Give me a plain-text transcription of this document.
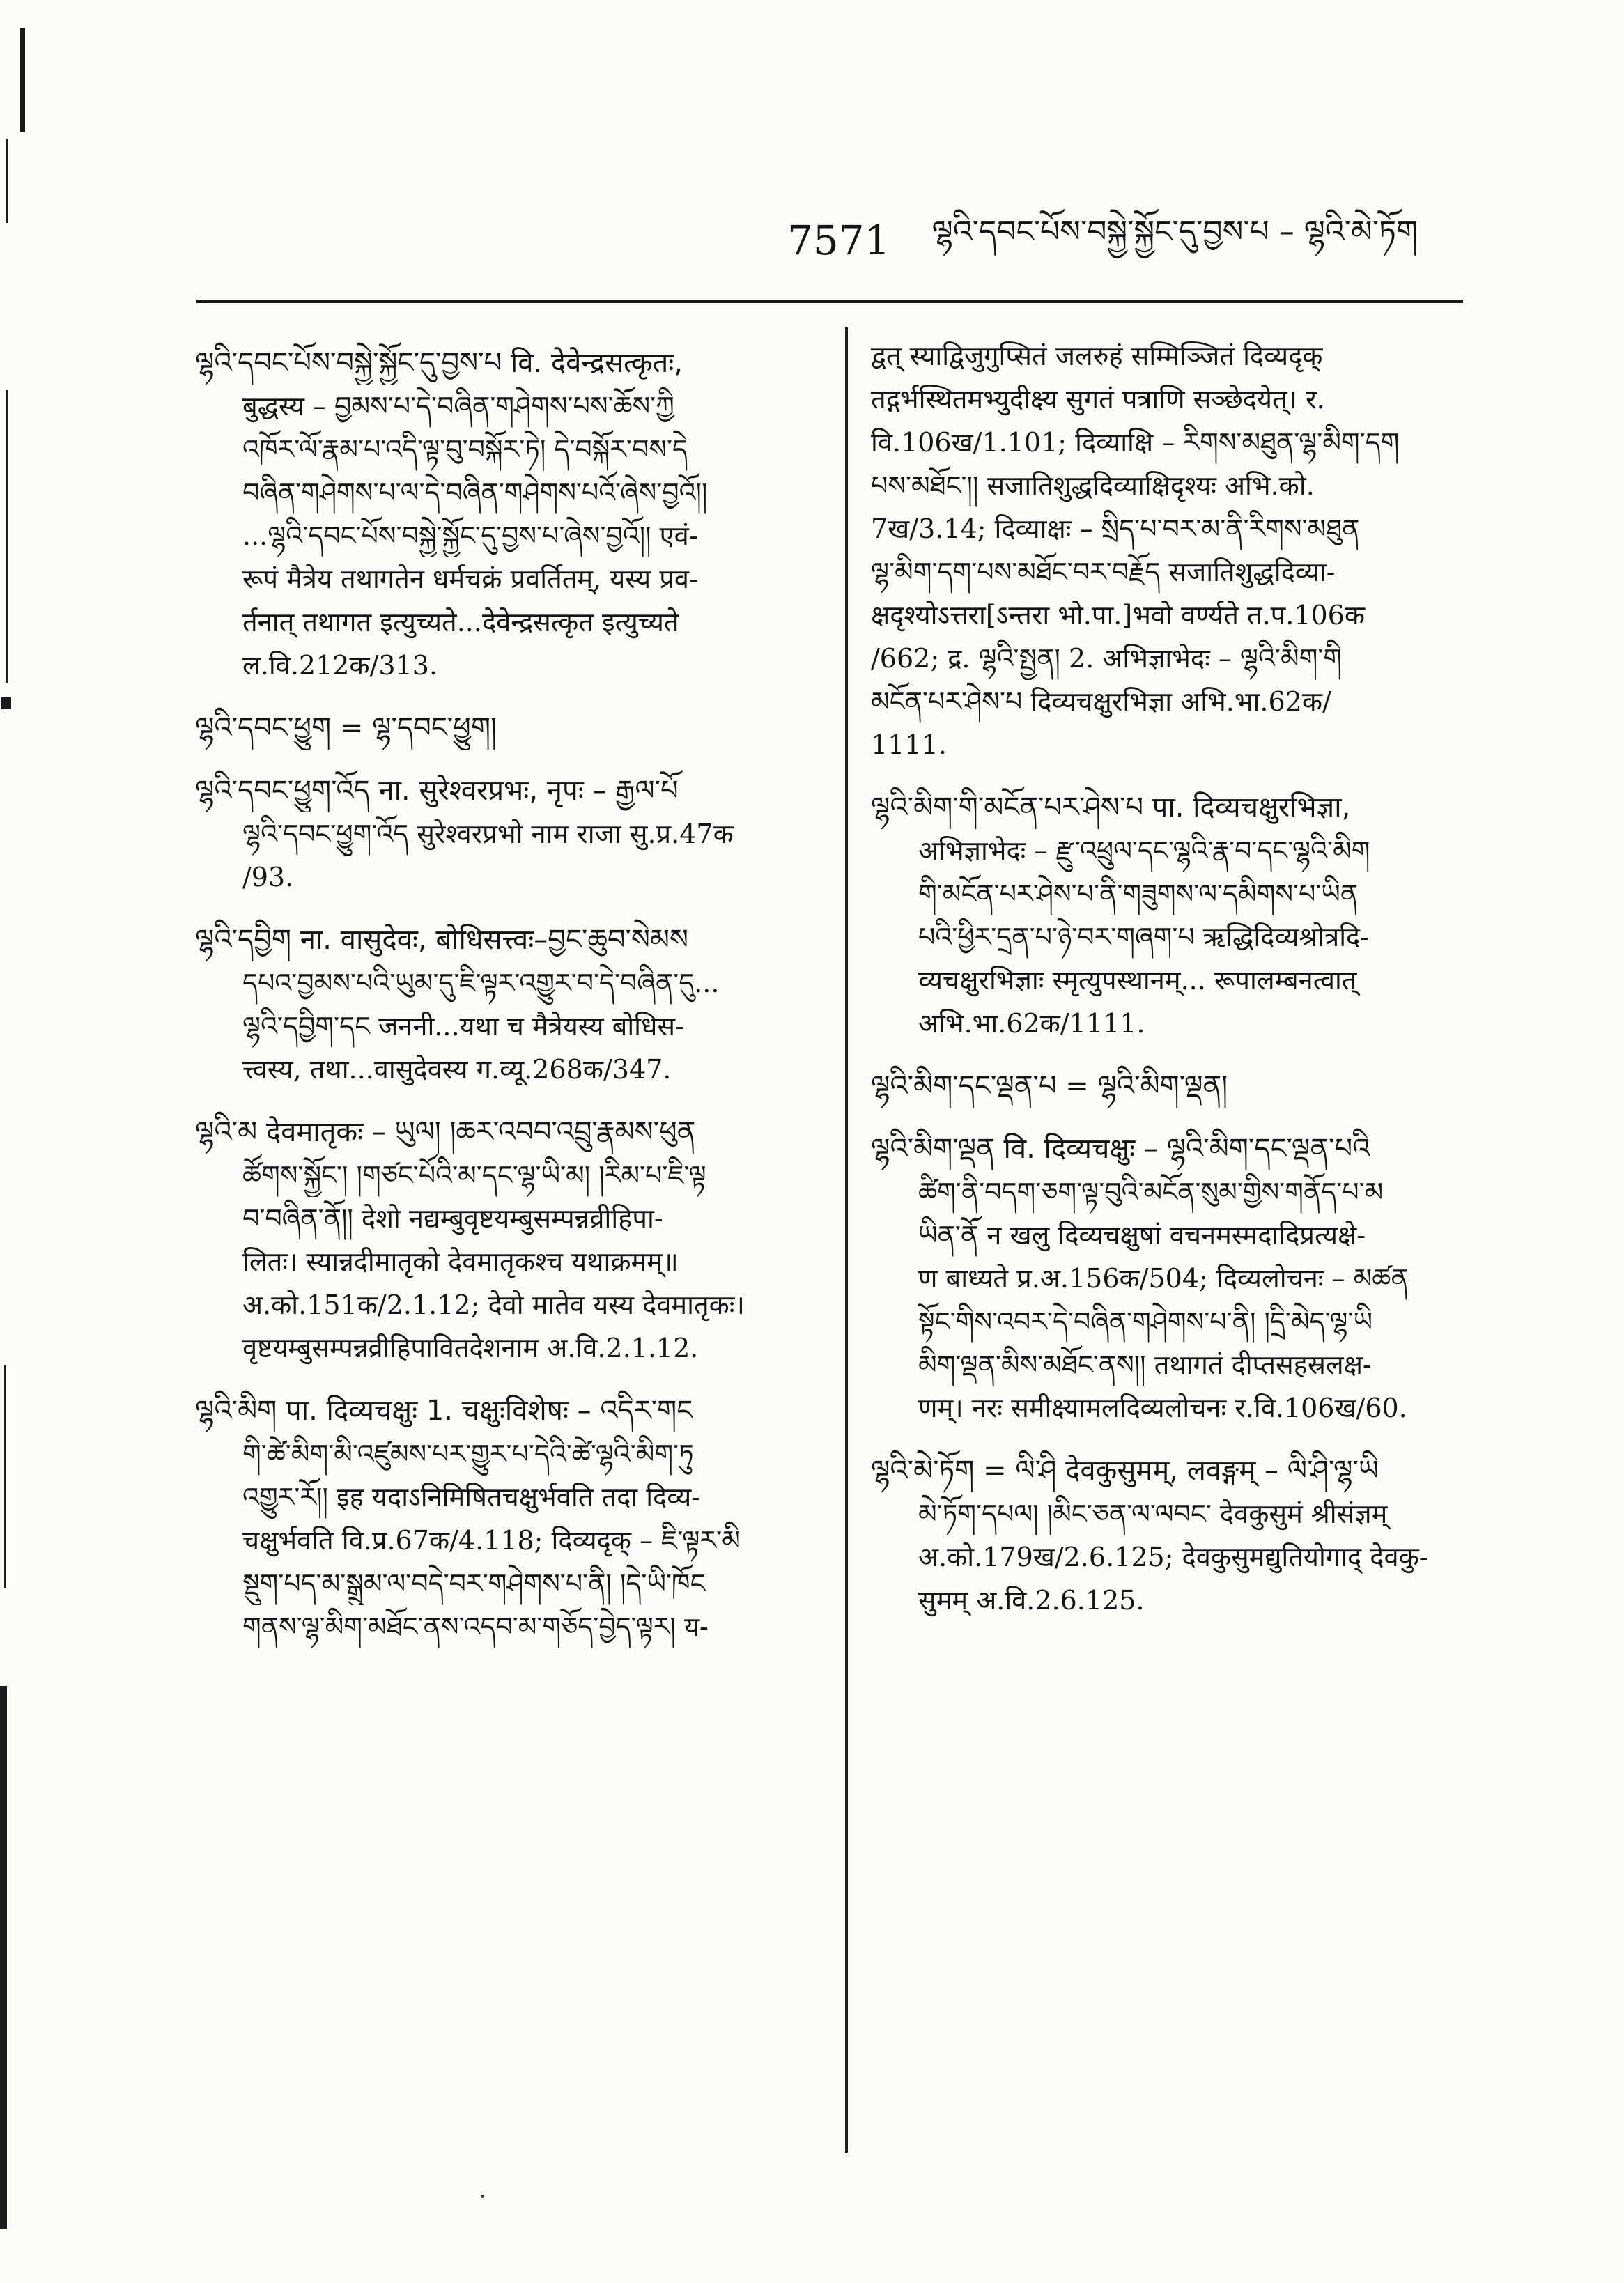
7571 ལྷའི་དབང་པོས་བསྐྱེ་སྐྱོང་དུ་བྱས་པ – ལྷའི་མེ་ཏོག
ལྷའི་དབང་པོས་བསྐྱེ་སྐྱོང་དུ་བྱས་པ वि. देवेन्द्रसत्कृतः,
बुद्धस्य – བྱམས་པ་དེ་བཞིན་གཤེགས་པས་ཆོས་ཀྱི
འཁོར་ལོ་རྣམ་པ་འདི་ལྟ་བུ་བསྐོར་ཏེ། དེ་བསྐོར་བས་དེ
བཞིན་གཤེགས་པ་ལ་དེ་བཞིན་གཤེགས་པའོ་ཞེས་བྱའོ།།
...ལྷའི་དབང་པོས་བསྐྱེ་སྐྱོང་དུ་བྱས་པ་ཞེས་བྱའོ།། एवं-
रूपं मैत्रेय तथागतेन धर्मचक्रं प्रवर्तितम्, यस्य प्रव-
र्तनात् तथागत इत्युच्यते...देवेन्द्रसत्कृत इत्युच्यते
ल.वि.212क/313.
ལྷའི་དབང་ཕྱུག = ལྷ་དབང་ཕྱུག།
ལྷའི་དབང་ཕྱུག་འོད ना. सुरेश्वरप्रभः, नृपः – རྒྱལ་པོ
ལྷའི་དབང་ཕྱུག་འོད सुरेश्वरप्रभो नाम राजा सु.प्र.47क
/93.
ལྷའི་དབྱིག ना. वासुदेवः, बोधिसत्त्वः–བྱང་ཆུབ་སེམས
དཔའ་བྱམས་པའི་ཡུམ་དུ་ཇི་ལྟར་འགྱུར་བ་དེ་བཞིན་དུ...
ལྷའི་དབྱིག་དང जननी...यथा च मैत्रेयस्य बोधिस-
त्त्वस्य, तथा...वासुदेवस्य ग.व्यू.268क/347.
ལྷའི་མ देवमातृकः – ཡུལ། །ཆར་འབབ་འབྲུ་རྣམས་ཕུན
ཚོགས་སྐྱོང་། །གཙང་པོའི་མ་དང་ལྷ་ཡི་མ། །རིམ་པ་ཇི་ལྟ
བ་བཞིན་ནོ།། देशो नद्यम्बुवृष्टयम्बुसम्पन्नव्रीहिपा-
लितः। स्यान्नदीमातृको देवमातृकश्च यथाक्रमम्॥
अ.को.151क/2.1.12; देवो मातेव यस्य देवमातृकः।
वृष्टयम्बुसम्पन्नव्रीहिपावितदेशनाम अ.वि.2.1.12.
ལྷའི་མིག पा. दिव्यचक्षुः 1. चक्षुःविशेषः – འདིར་གང
གི་ཚེ་མིག་མི་འཛུམས་པར་གྱུར་པ་དེའི་ཚེ་ལྷའི་མིག་ཏུ
འགྱུར་རོ།། इह यदाऽनिमिषितचक्षुर्भवति तदा दिव्य-
चक्षुर्भवति वि.प्र.67क/4.118; दिव्यदृक् – ཇི་ལྟར་མི
སྡུག་པད་མ་སྒྲུམ་ལ་བདེ་བར་གཤེགས་པ་ནི། །དེ་ཡི་ཁོང
གནས་ལྷ་མིག་མཐོང་ནས་འདབ་མ་གཅོད་བྱེད་ལྟར། य-
द्वत् स्याद्विजुगुप्सितं जलरुहं सम्मिञ्जितं दिव्यदृक्
तद्गर्भस्थितमभ्युदीक्ष्य सुगतं पत्राणि सञ्छेदयेत्। र.
वि.106ख/1.101; दिव्याक्षि – རིགས་མཐུན་ལྷ་མིག་དག
པས་མཐོང་།། सजातिशुद्धदिव्याक्षिदृश्यः अभि.को.
7ख/3.14; दिव्याक्षः – སྲིད་པ་བར་མ་ནི་རིགས་མཐུན
ལྷ་མིག་དག་པས་མཐོང་བར་བརྗོད सजातिशुद्धदिव्या-
क्षदृश्योऽत्तरा[ऽन्तरा भो.पा.]भवो वर्ण्यते त.प.106क
/662; द्र. ལྷའི་སྤྱན། 2. अभिज्ञाभेदः – ལྷའི་མིག་གི
མངོན་པར་ཤེས་པ दिव्यचक्षुरभिज्ञा अभि.भा.62क/
1111.
ལྷའི་མིག་གི་མངོན་པར་ཤེས་པ पा. दिव्यचक्षुरभिज्ञा,
अभिज्ञाभेदः – རྫུ་འཕྲུལ་དང་ལྷའི་རྣ་བ་དང་ལྷའི་མིག
གི་མངོན་པར་ཤེས་པ་ནི་གཟུགས་ལ་དམིགས་པ་ཡིན
པའི་ཕྱིར་དྲན་པ་ཉེ་བར་གཞག་པ ऋद्धिदिव्यश्रोत्रदि-
व्यचक्षुरभिज्ञाः स्मृत्युपस्थानम्... रूपालम्बनत्वात्
अभि.भा.62क/1111.
ལྷའི་མིག་དང་ལྡན་པ = ལྷའི་མིག་ལྡན།
ལྷའི་མིག་ལྡན वि. दिव्यचक्षुः – ལྷའི་མིག་དང་ལྡན་པའི
ཚིག་ནི་བདག་ཅག་ལྟ་བུའི་མངོན་སུམ་གྱིས་གནོད་པ་མ
ཡིན་ནོ न खलु दिव्यचक्षुषां वचनमस्मदादिप्रत्यक्षे-
ण बाध्यते प्र.अ.156क/504; दिव्यलोचनः – མཚན
སྟོང་གིས་འབར་དེ་བཞིན་གཤེགས་པ་ནི། །དྲི་མེད་ལྷ་ཡི
མིག་ལྡན་མིས་མཐོང་ནས།། तथागतं दीप्तसहस्रलक्ष-
णम्। नरः समीक्ष्यामलदिव्यलोचनः र.वि.106ख/60.
ལྷའི་མེ་ཏོག = ལི་ཤི देवकुसुमम्, लवङ्गम् – ལི་ཤི་ལྷ་ཡི
མེ་ཏོག་དཔལ། །མིང་ཅན་ལ་ལབང་ देवकुसुमं श्रीसंज्ञम्
अ.को.179ख/2.6.125; देवकुसुमद्युतियोगाद् देवकु-
सुमम् अ.वि.2.6.125.
